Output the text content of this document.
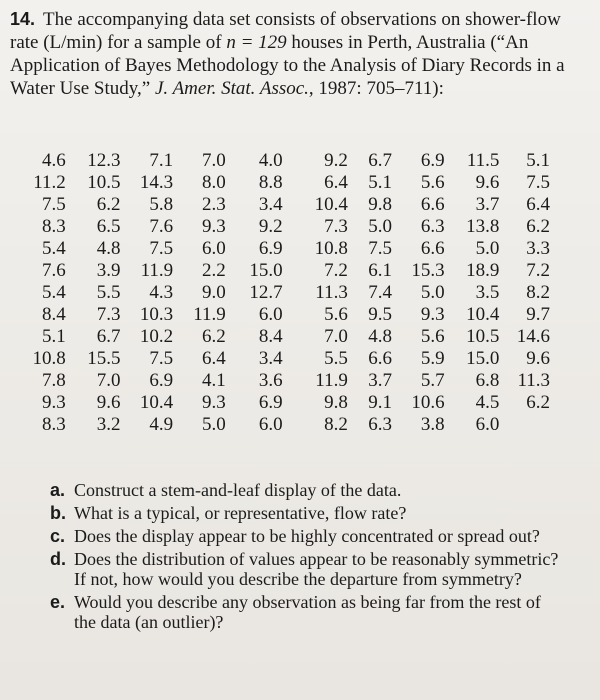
14. The accompanying data set consists of observations on shower-flow rate (L/min) for a sample of n = 129 houses in Perth, Australia (“An Application of Bayes Methodology to the Analysis of Diary Records in a Water Use Study,” J. Amer. Stat. Assoc., 1987: 705–711):
4.6	12.3	7.1	7.0	4.0	9.2	6.7	6.9	11.5	5.1
11.2	10.5	14.3	8.0	8.8	6.4	5.1	5.6	9.6	7.5
7.5	6.2	5.8	2.3	3.4	10.4	9.8	6.6	3.7	6.4
8.3	6.5	7.6	9.3	9.2	7.3	5.0	6.3	13.8	6.2
5.4	4.8	7.5	6.0	6.9	10.8	7.5	6.6	5.0	3.3
7.6	3.9	11.9	2.2	15.0	7.2	6.1	15.3	18.9	7.2
5.4	5.5	4.3	9.0	12.7	11.3	7.4	5.0	3.5	8.2
8.4	7.3	10.3	11.9	6.0	5.6	9.5	9.3	10.4	9.7
5.1	6.7	10.2	6.2	8.4	7.0	4.8	5.6	10.5	14.6
10.8	15.5	7.5	6.4	3.4	5.5	6.6	5.9	15.0	9.6
7.8	7.0	6.9	4.1	3.6	11.9	3.7	5.7	6.8	11.3
9.3	9.6	10.4	9.3	6.9	9.8	9.1	10.6	4.5	6.2
8.3	3.2	4.9	5.0	6.0	8.2	6.3	3.8	6.0	
a. Construct a stem-and-leaf display of the data.
b. What is a typical, or representative, flow rate?
c. Does the display appear to be highly concentrated or spread out?
d. Does the distribution of values appear to be reasonably symmetric? If not, how would you describe the departure from symmetry?
e. Would you describe any observation as being far from the rest of the data (an outlier)?
